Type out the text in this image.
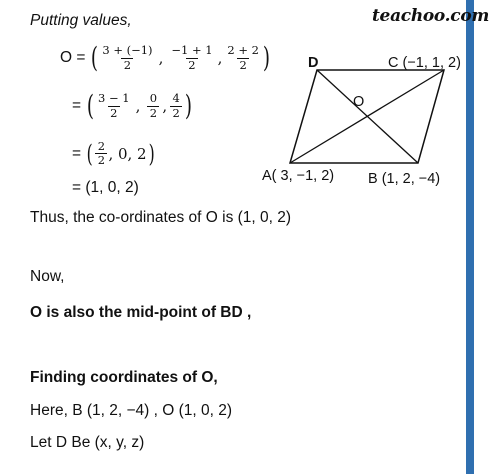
teachoo.com
Putting values,
O = ( $\frac{3 + (-1)}{2}$ , $\frac{-1 + 1}{2}$ , $\frac{2 + 2}{2}$ )
= ( $\frac{3 - 1}{2}$ , $\frac{0}{2}$ , $\frac{4}{2}$ )
= ( $\frac{2}{2}$ , 0, 2 )
= (1, 0, 2)
Thus, the co-ordinates of O is (1, 0, 2)
Now,
O is also the mid-point of BD ,
Finding coordinates of O,
Here, B (1, 2, −4) , O (1, 0, 2)
Let D Be (x, y, z)
D	C (−1, 1, 2)
O
A( 3, −1, 2) B (1, 2, −4)
